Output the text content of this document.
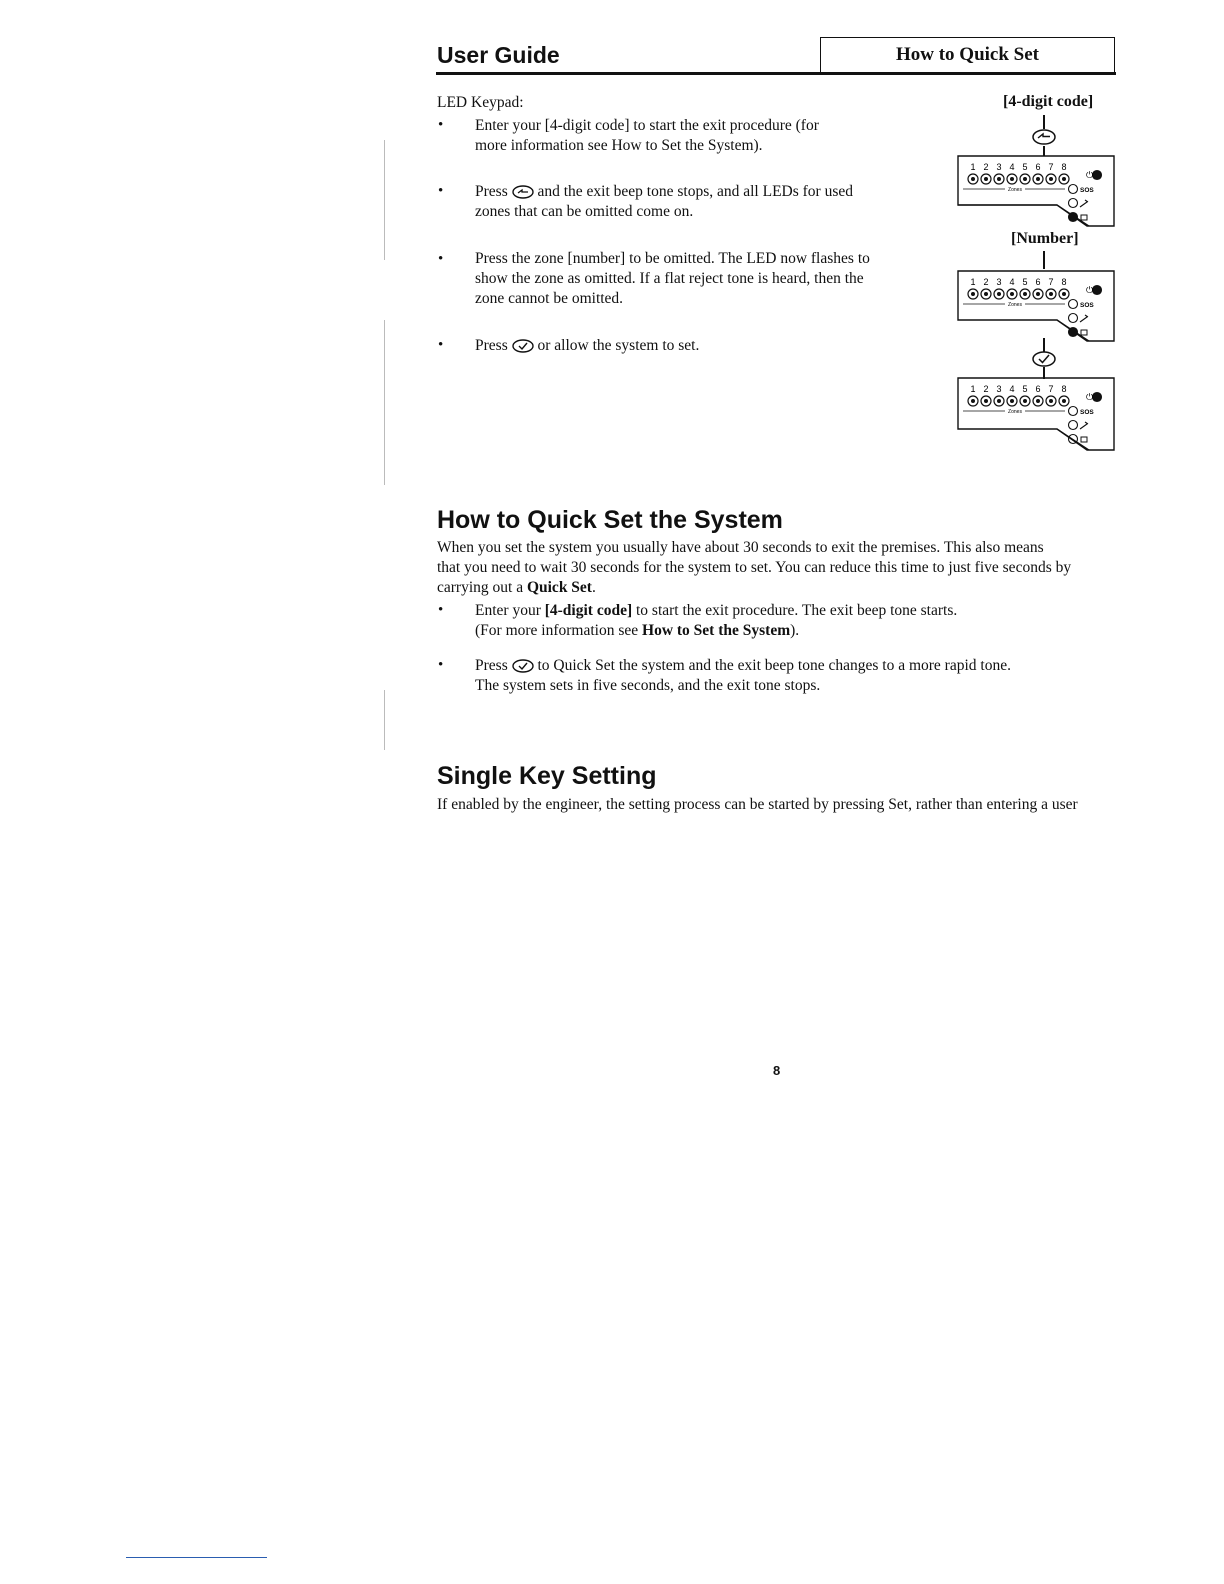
User Guide	How to Quick Set
LED Keypad:
• Enter your [4-digit code] to start the exit procedure (for
more information see How to Set the System).
• Press and the exit beep tone stops, and all LEDs for used
zones that can be omitted come on.
• Press the zone [number] to be omitted. The LED now flashes to
show the zone as omitted. If a flat reject tone is heard, then the
zone cannot be omitted.
• Press or allow the system to set.
[4-digit code]
[Number]
1 2 3 4 5 6 7 8
Zones
⏻
SOS
1 2 3 4 5 6 7 8
Zones
⏻
SOS
1 2 3 4 5 6 7 8
Zones
⏻
SOS
How to Quick Set the System
When you set the system you usually have about 30 seconds to exit the premises. This also means
that you need to wait 30 seconds for the system to set. You can reduce this time to just five seconds by
carrying out a Quick Set.
• Enter your [4-digit code] to start the exit procedure. The exit beep tone starts.
(For more information see How to Set the System).
• Press to Quick Set the system and the exit beep tone changes to a more rapid tone.
The system sets in five seconds, and the exit tone stops.
Single Key Setting
If enabled by the engineer, the setting process can be started by pressing Set, rather than entering a user
8
